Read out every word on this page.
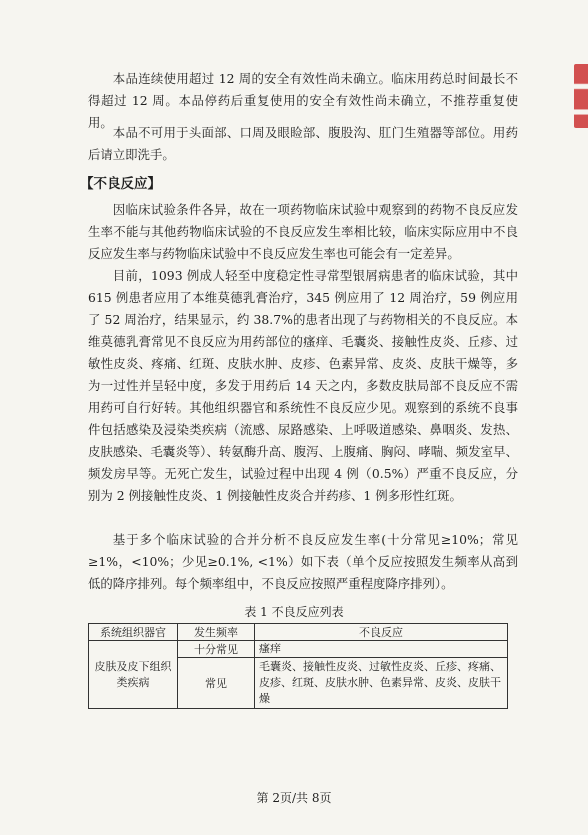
本品连续使用超过 12 周的安全有效性尚未确立。临床用药总时间最长不得超过 12 周。本品停药后重复使用的安全有效性尚未确立，不推荐重复使用。

本品不可用于头面部、口周及眼睑部、腹股沟、肛门生殖器等部位。用药后请立即洗手。

【不良反应】

因临床试验条件各异，故在一项药物临床试验中观察到的药物不良反应发生率不能与其他药物临床试验的不良反应发生率相比较，临床实际应用中不良反应发生率与药物临床试验中不良反应发生率也可能会有一定差异。

目前，1093 例成人轻至中度稳定性寻常型银屑病患者的临床试验，其中 615 例患者应用了本维莫德乳膏治疗，345 例应用了 12 周治疗，59 例应用了 52 周治疗，结果显示，约 38.7%的患者出现了与药物相关的不良反应。本维莫德乳膏常见不良反应为用药部位的瘙痒、毛囊炎、接触性皮炎、丘疹、过敏性皮炎、疼痛、红斑、皮肤水肿、皮疹、色素异常、皮炎、皮肤干燥等，多为一过性并呈轻中度，多发于用药后 14 天之内，多数皮肤局部不良反应不需用药可自行好转。其他组织器官和系统性不良反应少见。观察到的系统不良事件包括感染及浸染类疾病（流感、尿路感染、上呼吸道感染、鼻咽炎、发热、皮肤感染、毛囊炎等）、转氨酶升高、腹泻、上腹痛、胸闷、哮喘、频发室早、频发房早等。无死亡发生，试验过程中出现 4 例（0.5%）严重不良反应，分别为 2 例接触性皮炎、1 例接触性皮炎合并药疹、1 例多形性红斑。

基于多个临床试验的合并分析不良反应发生率(十分常见≥10%；常见≥1%，<10%；少见≥0.1%, <1%）如下表（单个反应按照发生频率从高到低的降序排列。每个频率组中，不良反应按照严重程度降序排列）。

表 1 不良反应列表

系统组织器官	发生频率	不良反应
皮肤及皮下组织类疾病	十分常见	瘙痒
	常见	毛囊炎、接触性皮炎、过敏性皮炎、丘疹、疼痛、皮疹、红斑、皮肤水肿、色素异常、皮炎、皮肤干燥

第 2页/共 8页
